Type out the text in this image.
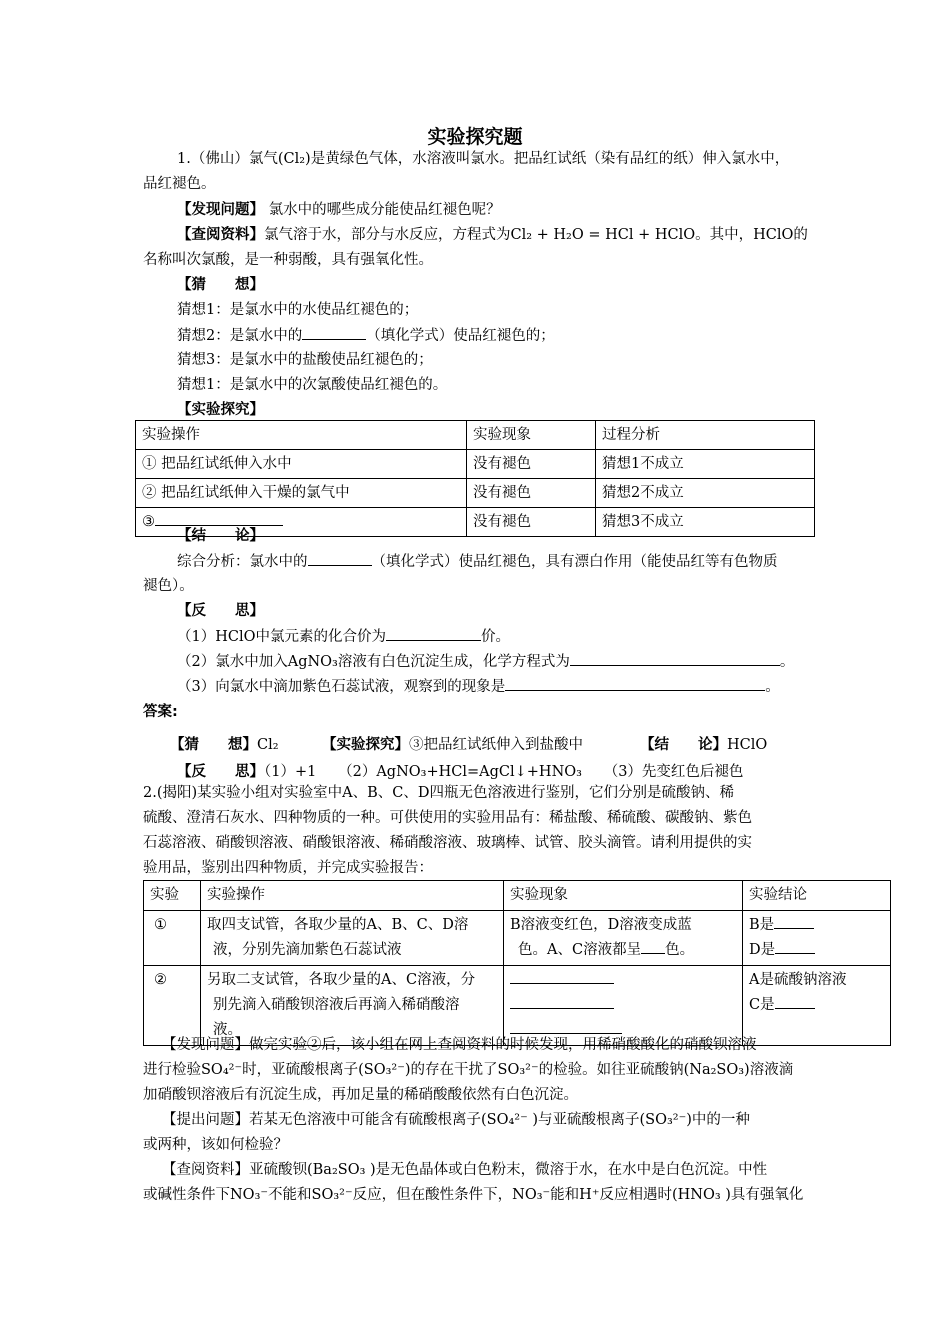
实验探究题
1.（佛山）氯气(Cl₂)是黄绿色气体，水溶液叫氯水。把品红试纸（染有品红的纸）伸入氯水中，
品红褪色。
【发现问题】 氯水中的哪些成分能使品红褪色呢？
【查阅资料】氯气溶于水，部分与水反应，方程式为Cl₂ + H₂O = HCl + HClO。其中，HClO的
名称叫次氯酸，是一种弱酸，具有强氧化性。
【猜　　想】
猜想1：是氯水中的水使品红褪色的；
猜想2：是氯水中的	（填化学式）使品红褪色的；
猜想3：是氯水中的盐酸使品红褪色的；
猜想1：是氯水中的次氯酸使品红褪色的。
【实验探究】
实验操作	实验现象	过程分析
① 把品红试纸伸入水中	没有褪色	猜想1不成立
② 把品红试纸伸入干燥的氯气中	没有褪色	猜想2不成立
③	没有褪色	猜想3不成立
【结　　论】
综合分析：氯水中的	（填化学式）使品红褪色，具有漂白作用（能使品红等有色物质
褪色）。
【反　　思】
（1）HClO中氯元素的化合价为	价。
（2）氯水中加入AgNO₃溶液有白色沉淀生成，化学方程式为	。
（3）向氯水中滴加紫色石蕊试液，观察到的现象是	。
答案:
【猜　　想】Cl₂	【实验探究】③把品红试纸伸入到盐酸中	【结　　论】HClO
【反　　思】（1）+1　　（2）AgNO₃+HCl=AgCl↓+HNO₃　　（3）先变红色后褪色
2.(揭阳)某实验小组对实验室中A、B、C、D四瓶无色溶液进行鉴别，它们分别是硫酸钠、稀
硫酸、澄清石灰水、四种物质的一种。可供使用的实验用品有：稀盐酸、稀硫酸、碳酸钠、紫色
石蕊溶液、硝酸钡溶液、硝酸银溶液、稀硝酸溶液、玻璃棒、试管、胶头滴管。请利用提供的实
验用品，鉴别出四种物质，并完成实验报告：
实验	实验操作	实验现象	实验结论
①	取四支试管，各取少量的A、B、C、D溶
液，分别先滴加紫色石蕊试液	B溶液变红色，D溶液变成蓝
色。A、C溶液都呈 色。	B是
D是

②	另取二支试管，各取少量的A、C溶液，分
别先滴入硝酸钡溶液后再滴入稀硝酸溶
液。		A是硫酸钠溶液
C是
【发现问题】做完实验②后，该小组在网上查阅资料的时候发现，用稀硝酸酸化的硝酸钡溶液
进行检验SO₄²⁻时，亚硫酸根离子(SO₃²⁻)的存在干扰了SO₃²⁻的检验。如往亚硫酸钠(Na₂SO₃)溶液滴
加硝酸钡溶液后有沉淀生成，再加足量的稀硝酸酸依然有白色沉淀。
【提出问题】若某无色溶液中可能含有硫酸根离子(SO₄²⁻ )与亚硫酸根离子(SO₃²⁻)中的一种
或两种，该如何检验？
【查阅资料】亚硫酸钡(Ba₂SO₃ )是无色晶体或白色粉末，微溶于水，在水中是白色沉淀。中性
或碱性条件下NO₃⁻不能和SO₃²⁻反应，但在酸性条件下，NO₃⁻能和H⁺反应相遇时(HNO₃ )具有强氧化
